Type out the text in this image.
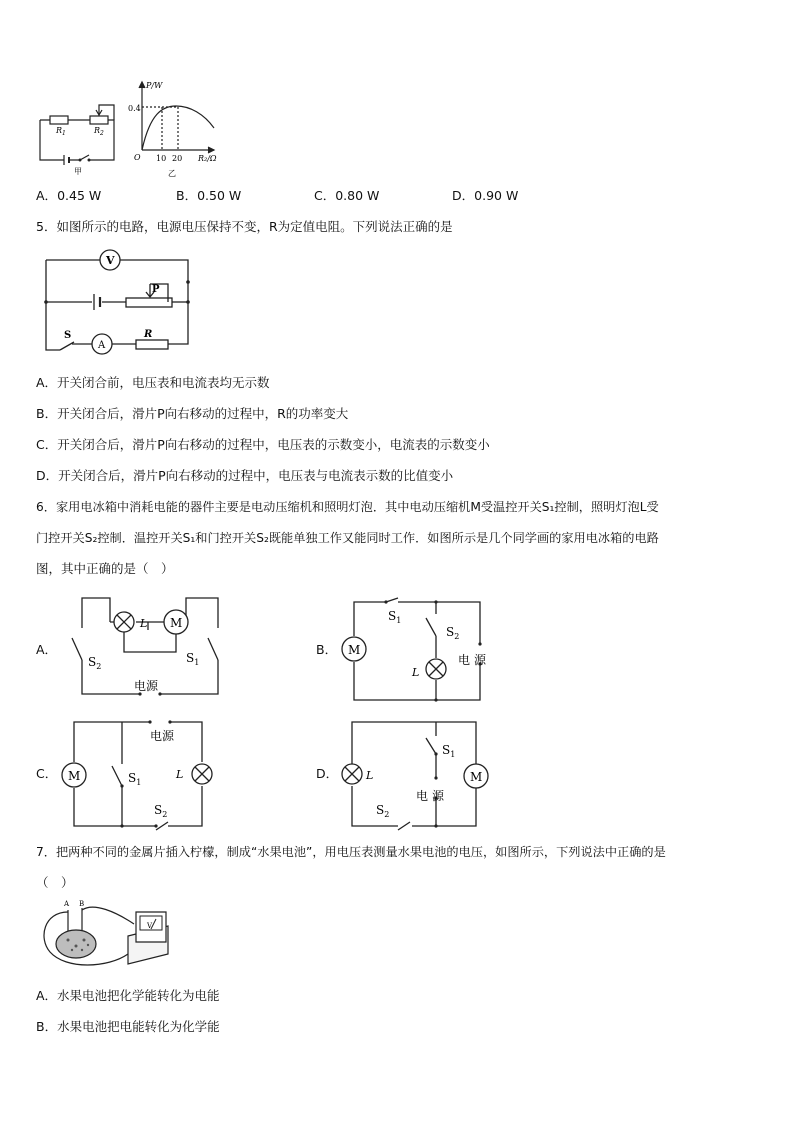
$R_1$	$R_2$
甲
P/W
0.4
O 10 20 R₂/Ω
乙
A．0.45 W	B．0.50 W	C．0.80 W	D．0.90 W
5．如图所示的电路，电源电压保持不变，R为定值电阻。下列说法正确的是
V
A
P
S	R
A．开关闭合前，电压表和电流表均无示数
B．开关闭合后，滑片P向右移动的过程中，R的功率变大
C．开关闭合后，滑片P向右移动的过程中，电压表的示数变小，电流表的示数变小
D．开关闭合后，滑片P向右移动的过程中，电压表与电流表示数的比值变小
6．家用电冰箱中消耗电能的器件主要是电动压缩机和照明灯泡．其中电动压缩机M受温控开关S₁控制，照明灯泡L受
门控开关S₂控制．温控开关S₁和门控开关S₂既能单独工作又能同时工作．如图所示是几个同学画的家用电冰箱的电路
图，其中正确的是（　）
A．
L M
$S_2$
$S_1$
电源
B． M
$S_1$
$S_2$
L
电 源
C． M	$S_1$
L
$S_2$
电源
D．	L	M
$S_1$
$S_2$
电 源
7．把两种不同的金属片插入柠檬，制成“水果电池”，用电压表测量水果电池的电压，如图所示，下列说法中正确的是
（　）
A B
V
A．水果电池把化学能转化为电能
B．水果电池把电能转化为化学能
